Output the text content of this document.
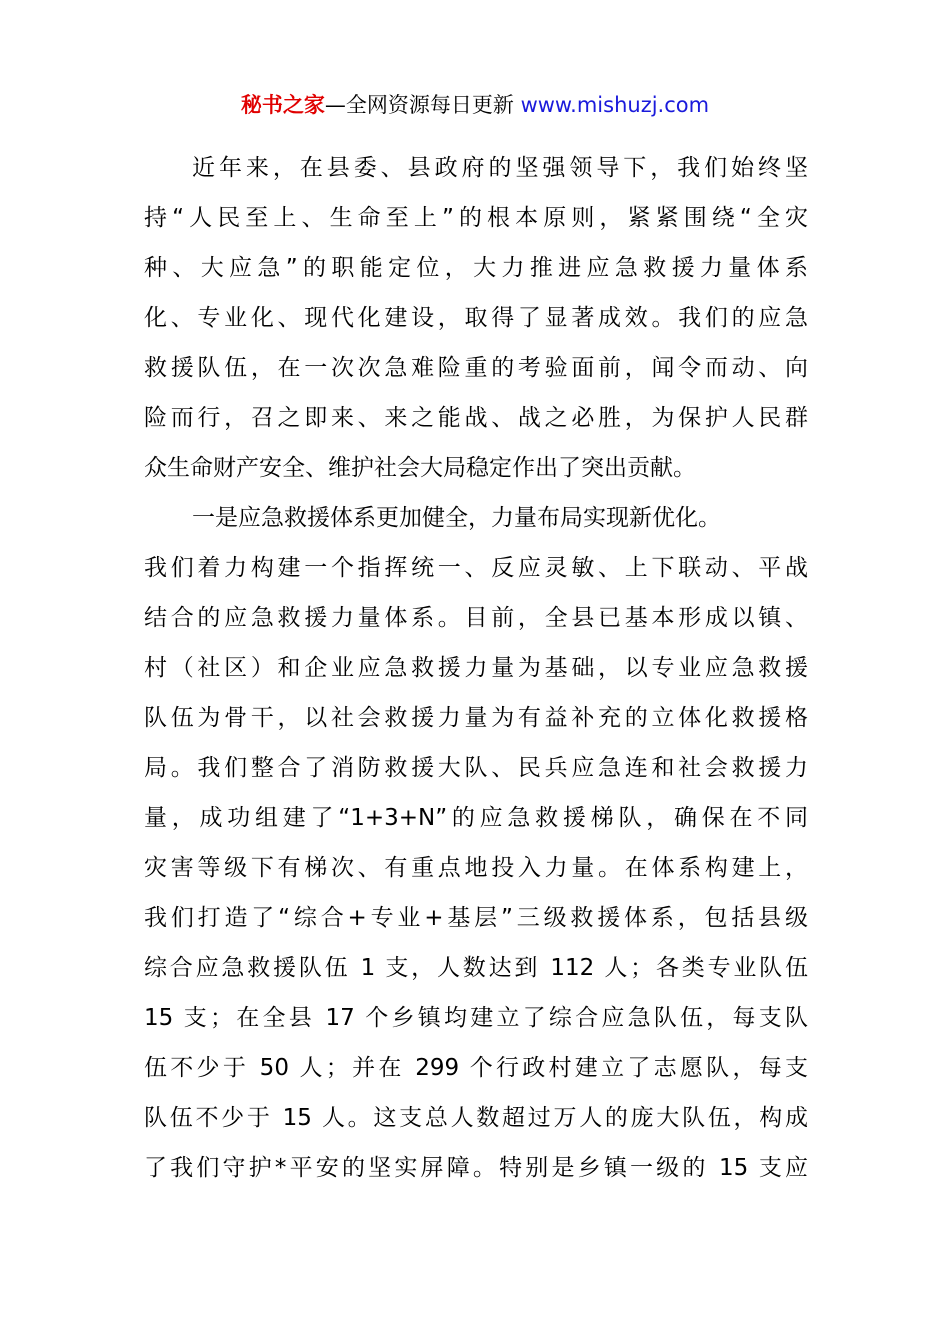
秘书之家—全网资源每日更新 www.mishuzj.com
近年来，在县委、县政府的坚强领导下，我们始终坚
持“人民至上、生命至上”的根本原则，紧紧围绕“全灾
种、大应急”的职能定位，大力推进应急救援力量体系
化、专业化、现代化建设，取得了显著成效。我们的应急
救援队伍，在一次次急难险重的考验面前，闻令而动、向
险而行，召之即来、来之能战、战之必胜，为保护人民群
众生命财产安全、维护社会大局稳定作出了突出贡献。
一是应急救援体系更加健全，力量布局实现新优化。
我们着力构建一个指挥统一、反应灵敏、上下联动、平战
结合的应急救援力量体系。目前，全县已基本形成以镇、
村（社区）和企业应急救援力量为基础，以专业应急救援
队伍为骨干，以社会救援力量为有益补充的立体化救援格
局。我们整合了消防救援大队、民兵应急连和社会救援力
量，成功组建了“1+3+N”的应急救援梯队，确保在不同
灾害等级下有梯次、有重点地投入力量。在体系构建上，
我们打造了“综合+专业+基层”三级救援体系，包括县级
综合应急救援队伍 1 支，人数达到 112 人；各类专业队伍
15 支；在全县 17 个乡镇均建立了综合应急队伍，每支队
伍不少于 50 人；并在 299 个行政村建立了志愿队，每支
队伍不少于 15 人。这支总人数超过万人的庞大队伍，构成
了我们守护*平安的坚实屏障。特别是乡镇一级的 15 支应
